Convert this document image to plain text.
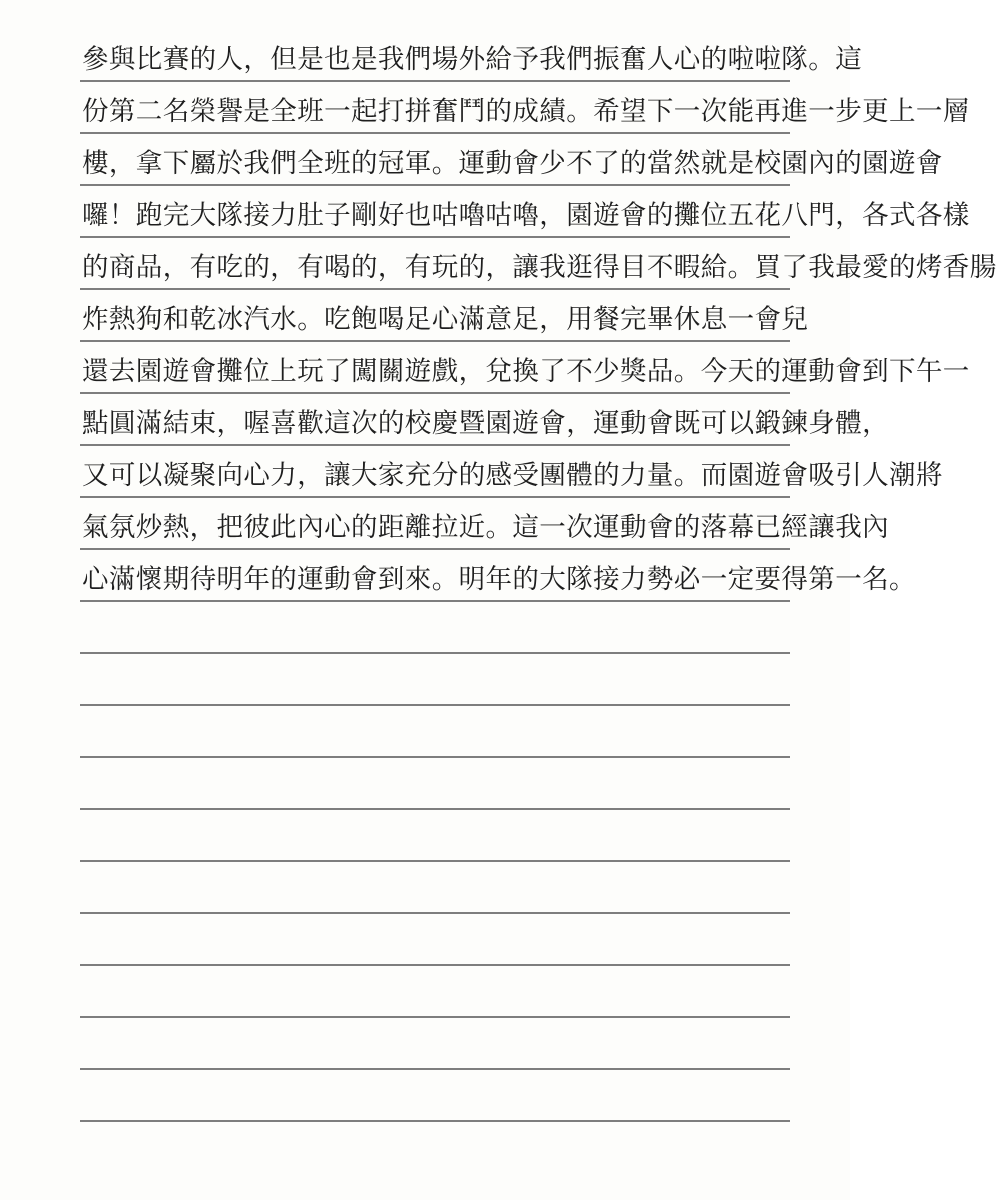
參與比賽的人，但是也是我們場外給予我們振奮人心的啦啦隊。這
份第二名榮譽是全班一起打拼奮鬥的成績。希望下一次能再進一步更上一層
樓，拿下屬於我們全班的冠軍。運動會少不了的當然就是校園內的園遊會
囉！跑完大隊接力肚子剛好也咕嚕咕嚕，園遊會的攤位五花八門，各式各樣
的商品，有吃的，有喝的，有玩的，讓我逛得目不暇給。買了我最愛的烤香腸
炸熱狗和乾冰汽水。吃飽喝足心滿意足，用餐完畢休息一會兒
還去園遊會攤位上玩了闖關遊戲，兌換了不少獎品。今天的運動會到下午一
點圓滿結束，喔喜歡這次的校慶暨園遊會，運動會既可以鍛鍊身體，
又可以凝聚向心力，讓大家充分的感受團體的力量。而園遊會吸引人潮將
氣氛炒熱，把彼此內心的距離拉近。這一次運動會的落幕已經讓我內
心滿懷期待明年的運動會到來。明年的大隊接力勢必一定要得第一名。
